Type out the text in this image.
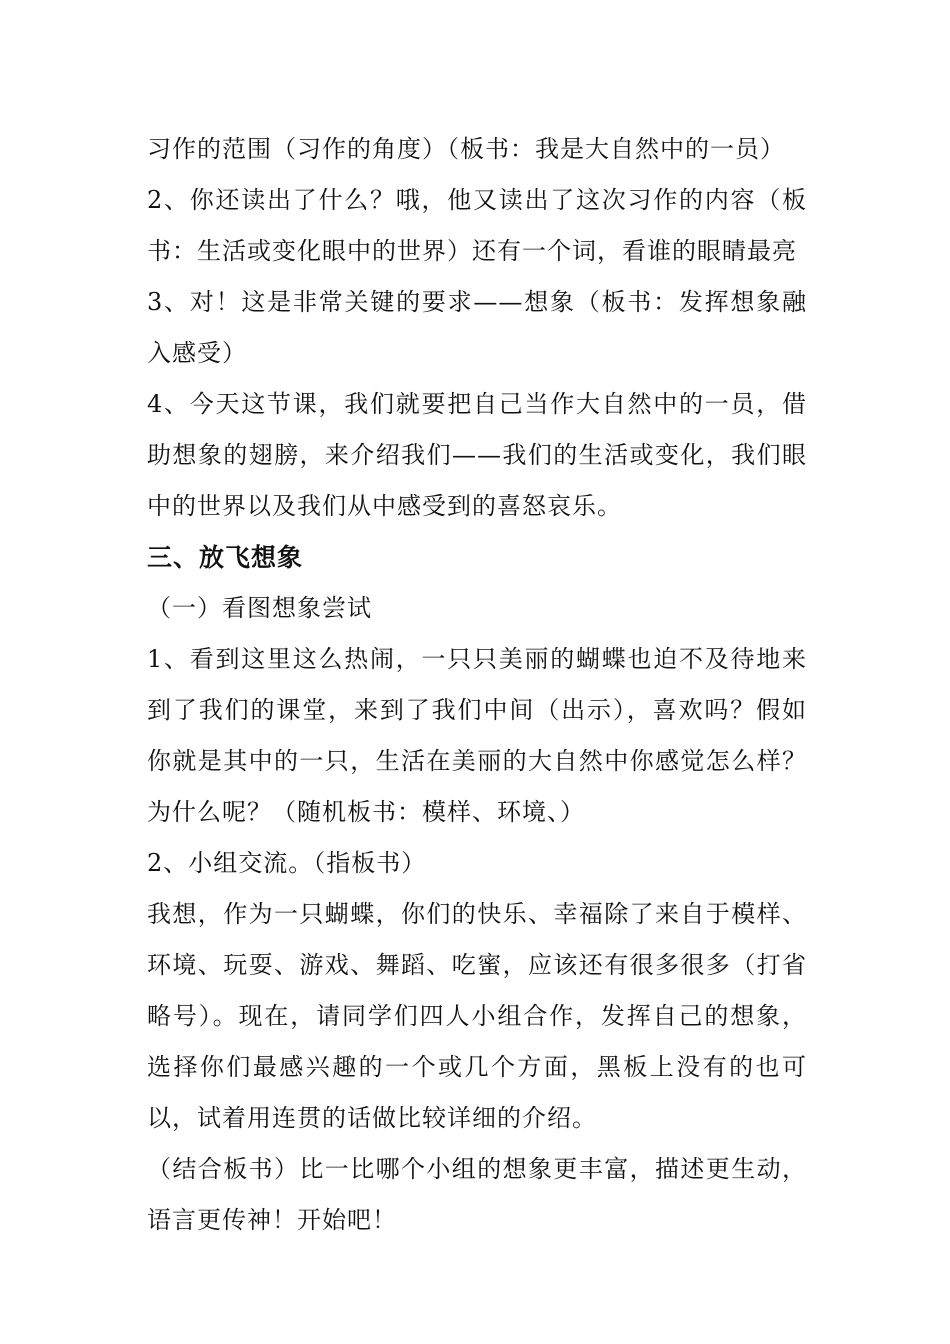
习作的范围（习作的角度）（板书：我是大自然中的一员）

2、你还读出了什么？哦，他又读出了这次习作的内容（板书：生活或变化眼中的世界）还有一个词，看谁的眼睛最亮

3、对！这是非常关键的要求——想象（板书：发挥想象融入感受）

4、今天这节课，我们就要把自己当作大自然中的一员，借助想象的翅膀，来介绍我们——我们的生活或变化，我们眼中的世界以及我们从中感受到的喜怒哀乐。

三、放飞想象

（一）看图想象尝试

1、看到这里这么热闹，一只只美丽的蝴蝶也迫不及待地来到了我们的课堂，来到了我们中间（出示），喜欢吗？假如你就是其中的一只，生活在美丽的大自然中你感觉怎么样？为什么呢？（随机板书：模样、环境、）

2、小组交流。（指板书）

我想，作为一只蝴蝶，你们的快乐、幸福除了来自于模样、环境、玩耍、游戏、舞蹈、吃蜜，应该还有很多很多（打省略号）。现在，请同学们四人小组合作，发挥自己的想象，选择你们最感兴趣的一个或几个方面，黑板上没有的也可以，试着用连贯的话做比较详细的介绍。

（结合板书）比一比哪个小组的想象更丰富，描述更生动，语言更传神！开始吧！
